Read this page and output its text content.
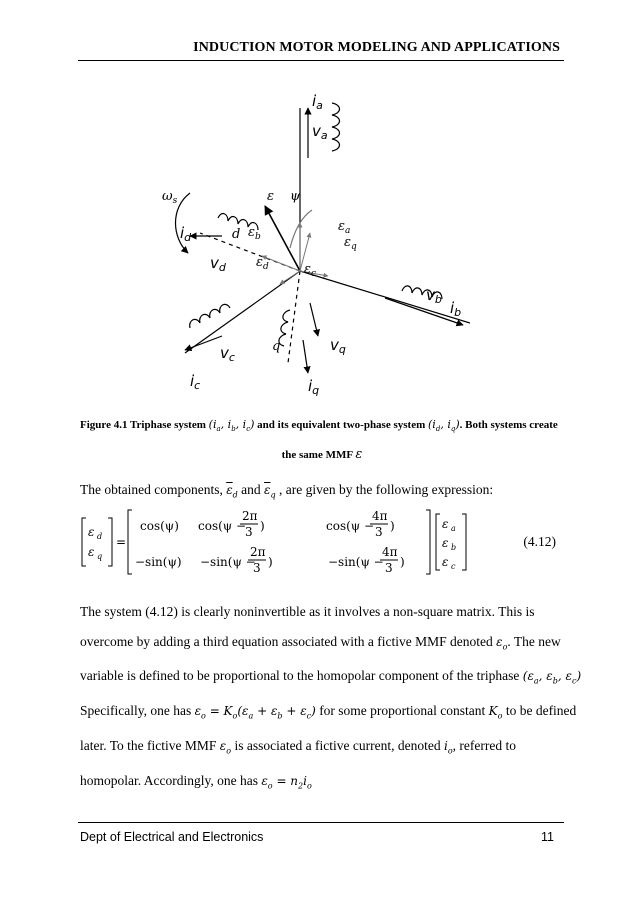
INDUCTION MOTOR MODELING AND APPLICATIONS
$i_a$
$v_a$
$v_b$ $i_b$
$v_c$
$i_c$
$i_d$
$v_d$
$v_q$
$i_q$
$\omega_s$
d
q
ε ψ
$\varepsilon_a$
$\varepsilon_b$	$\varepsilon_q$
$\varepsilon_d$	$\varepsilon_c$
Figure 4.1 Triphase system ($i_a$, $i_b$, $i_c$) and its equivalent two-phase system ($i_d$, $i_q$). Both systems create
the same MMF ε
The obtained components, $\overline{\varepsilon}_d$ and $\overline{\varepsilon}_q$ , are given by the following expression:
ε d
ε q
=
cos(ψ) cos(ψ −
2π
3 )	cos(ψ −
4π
3 )
−sin(ψ) −sin(ψ −
2π
3 )	−sin(ψ −
4π
3 )
ε a
ε b
ε c
(4.12)
The system (4.12) is clearly noninvertible as it involves a non-square matrix. This is
overcome by adding a third equation associated with a fictive MMF denoted $\varepsilon_o$. The new
variable is defined to be proportional to the homopolar component of the triphase ($\varepsilon_a$, $\varepsilon_b$, $\varepsilon_c$)
Specifically, one has $\varepsilon_o = K_o(\varepsilon_a + \varepsilon_b + \varepsilon_c)$ for some proportional constant $K_o$ to be defined
later. To the fictive MMF $\varepsilon_o$ is associated a fictive current, denoted $i_o$, referred to
homopolar. Accordingly, one has $\varepsilon_o = n_2i_o$
Dept of Electrical and Electronics	11
